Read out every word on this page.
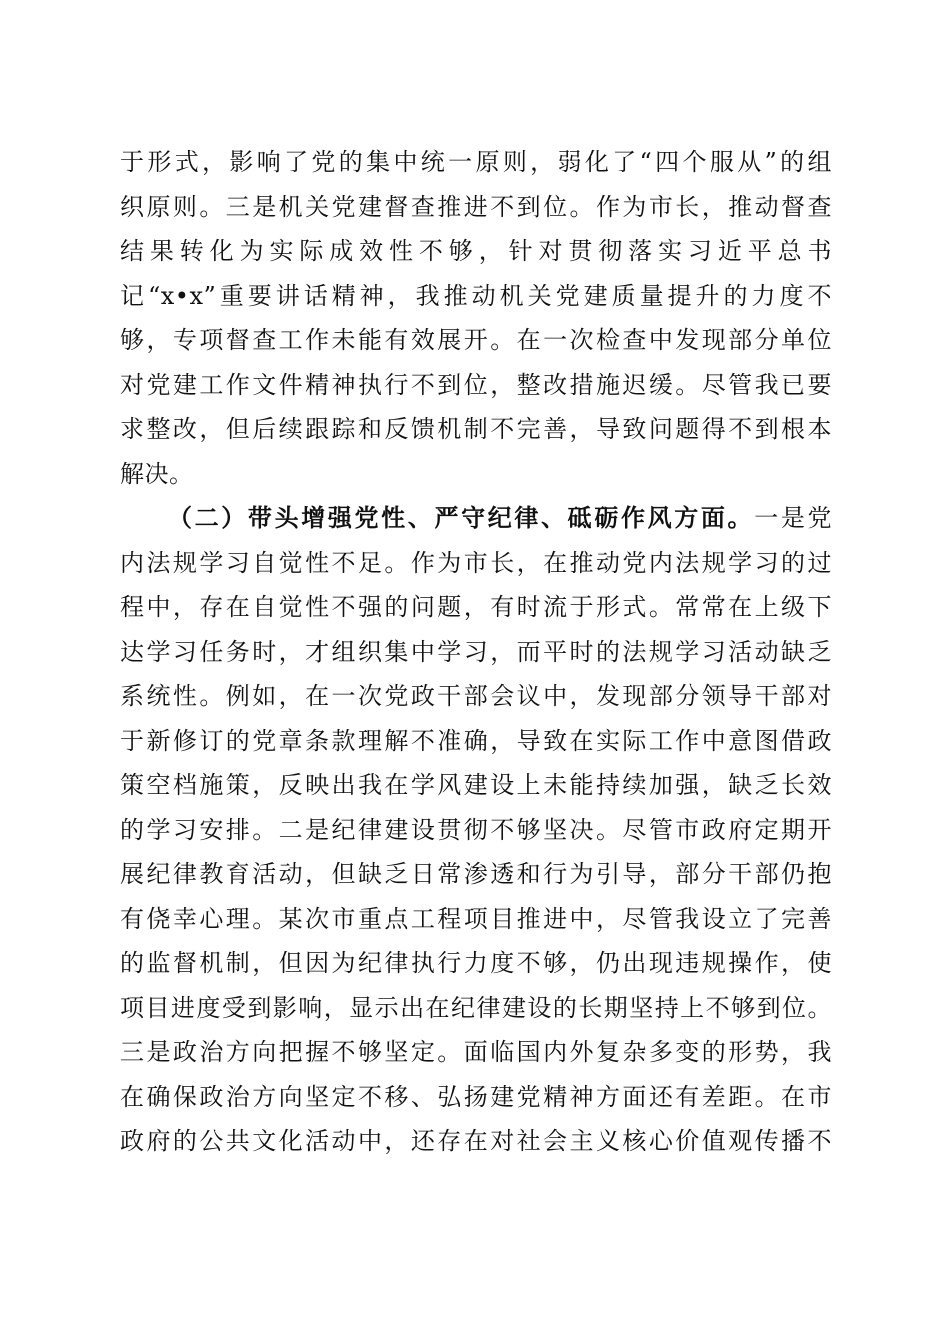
于形式，影响了党的集中统一原则，弱化了“四个服从”的组
织原则。三是机关党建督查推进不到位。作为市长，推动督查
结果转化为实际成效性不够，针对贯彻落实习近平总书
记“x•x”重要讲话精神，我推动机关党建质量提升的力度不
够，专项督查工作未能有效展开。在一次检查中发现部分单位
对党建工作文件精神执行不到位，整改措施迟缓。尽管我已要
求整改，但后续跟踪和反馈机制不完善，导致问题得不到根本
解决。
（二）带头增强党性、严守纪律、砥砺作风方面。一是党
内法规学习自觉性不足。作为市长，在推动党内法规学习的过
程中，存在自觉性不强的问题，有时流于形式。常常在上级下
达学习任务时，才组织集中学习，而平时的法规学习活动缺乏
系统性。例如，在一次党政干部会议中，发现部分领导干部对
于新修订的党章条款理解不准确，导致在实际工作中意图借政
策空档施策，反映出我在学风建设上未能持续加强，缺乏长效
的学习安排。二是纪律建设贯彻不够坚决。尽管市政府定期开
展纪律教育活动，但缺乏日常渗透和行为引导，部分干部仍抱
有侥幸心理。某次市重点工程项目推进中，尽管我设立了完善
的监督机制，但因为纪律执行力度不够，仍出现违规操作，使
项目进度受到影响，显示出在纪律建设的长期坚持上不够到位。
三是政治方向把握不够坚定。面临国内外复杂多变的形势，我
在确保政治方向坚定不移、弘扬建党精神方面还有差距。在市
政府的公共文化活动中，还存在对社会主义核心价值观传播不
